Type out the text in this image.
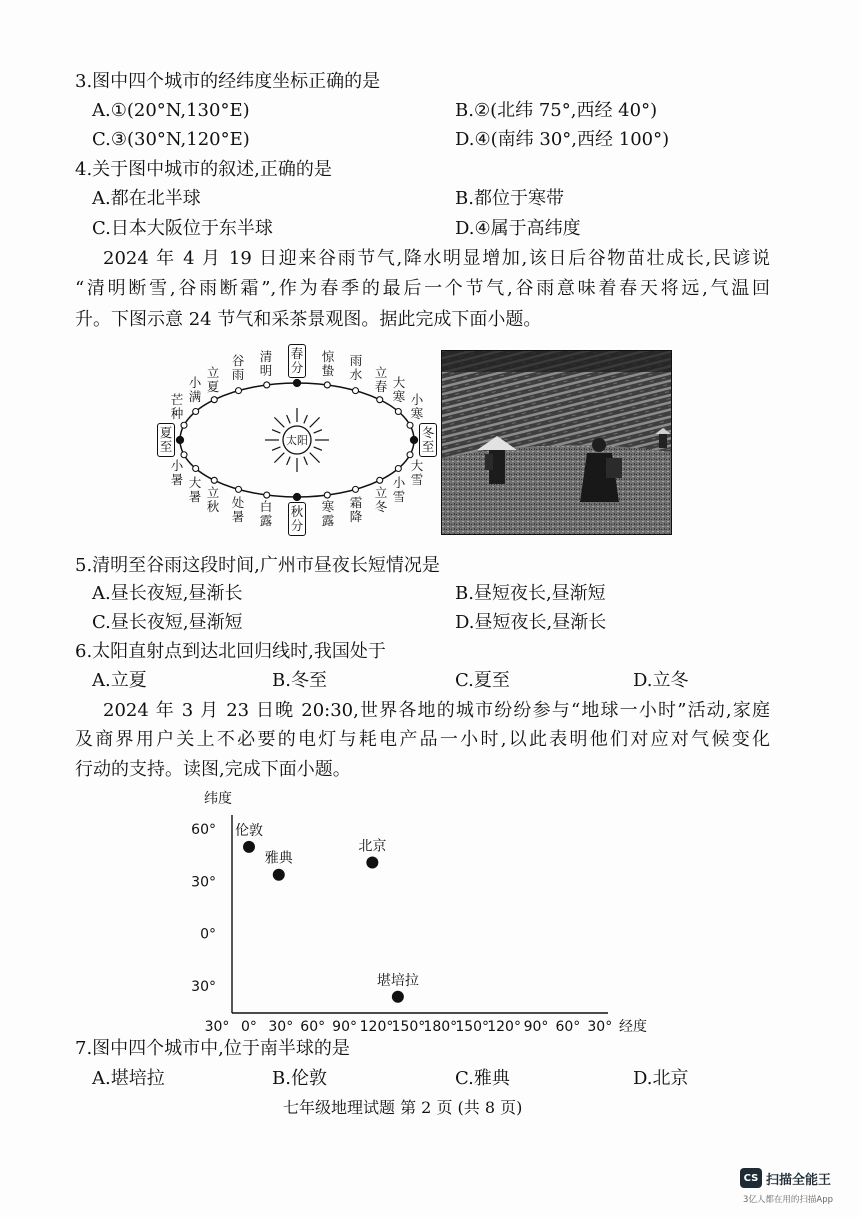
3.图中四个城市的经纬度坐标正确的是
A.①(20°N,130°E)	B.②(北纬 75°,西经 40°)
C.③(30°N,120°E)	D.④(南纬 30°,西经 100°)
4.关于图中城市的叙述,正确的是
A.都在北半球	B.都位于寒带
C.日本大阪位于东半球	D.④属于高纬度
2024 年 4 月 19 日迎来谷雨节气,降水明显增加,该日后谷物苗壮成长,民谚说
“清明断雪,谷雨断霜”,作为春季的最后一个节气,谷雨意味着春天将远,气温回
升。下图示意 24 节气和采茶景观图。据此完成下面小题。
太阳
春分
清明
谷雨
立夏
小满
芒种
夏至
小暑 大暑 立秋 处暑
白露
秋分
寒露
霜降
立冬
小雪
大雪
冬至
小寒
大寒
立春
雨水
惊蛰
5.清明至谷雨这段时间,广州市昼夜长短情况是
A.昼长夜短,昼渐长	B.昼短夜长,昼渐短
C.昼长夜短,昼渐短	D.昼短夜长,昼渐长
6.太阳直射点到达北回归线时,我国处于
A.立夏	B.冬至	C.夏至	D.立冬
2024 年 3 月 23 日晚 20:30,世界各地的城市纷纷参与“地球一小时”活动,家庭
及商界用户关上不必要的电灯与耗电产品一小时,以此表明他们对应对气候变化
行动的支持。读图,完成下面小题。
纬度
经度
30° 0° 30° 60° 90° 120°
150°
180°
150°
120° 90° 60° 30°
60°
30°
0°
30°
伦敦
雅典
北京
堪培拉
7.图中四个城市中,位于南半球的是
A.堪培拉	B.伦敦	C.雅典	D.北京
七年级地理试题 第 2 页 (共 8 页)
CS 扫描全能王
3亿人都在用的扫描App
